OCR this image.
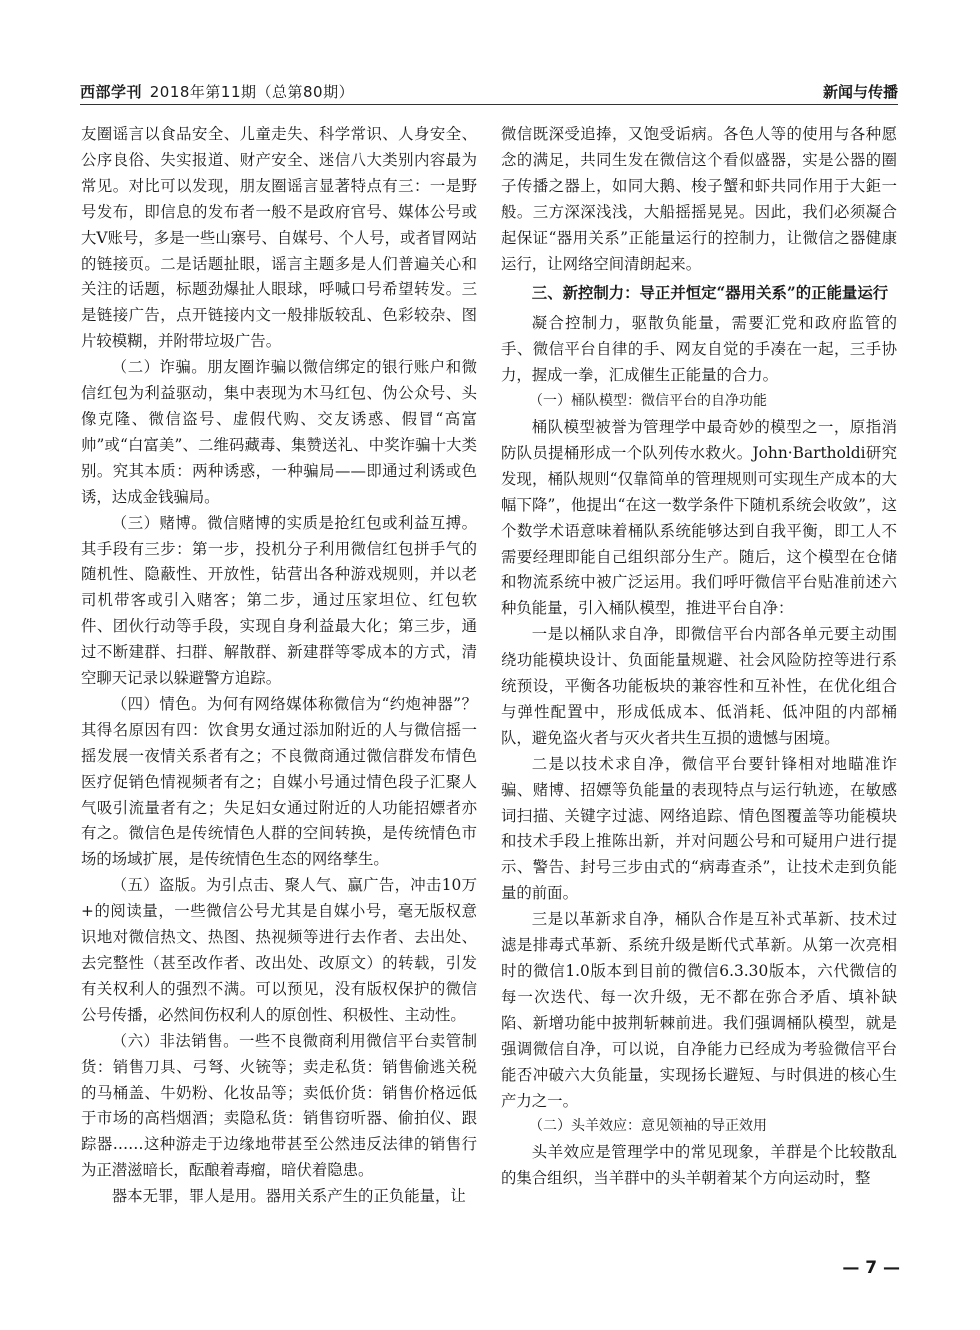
西部学刊 2018年第11期（总第80期）	新闻与传播

友圈谣言以食品安全、儿童走失、科学常识、人身安全、公序良俗、失实报道、财产安全、迷信八大类别内容最为常见。对比可以发现，朋友圈谣言显著特点有三：一是野号发布，即信息的发布者一般不是政府官号、媒体公号或大V账号，多是一些山寨号、自媒号、个人号，或者冒网站的链接页。二是话题扯眼，谣言主题多是人们普遍关心和关注的话题，标题劲爆扯人眼球，呼喊口号希望转发。三是链接广告，点开链接内文一般排版较乱、色彩较杂、图片较模糊，并附带垃圾广告。

（二）诈骗。朋友圈诈骗以微信绑定的银行账户和微信红包为利益驱动，集中表现为木马红包、伪公众号、头像克隆、微信盗号、虚假代购、交友诱惑、假冒“高富帅”或“白富美”、二维码藏毒、集赞送礼、中奖诈骗十大类别。究其本质：两种诱惑，一种骗局——即通过利诱或色诱，达成金钱骗局。

（三）赌博。微信赌博的实质是抢红包或利益互搏。其手段有三步：第一步，投机分子利用微信红包拼手气的随机性、隐蔽性、开放性，钻营出各种游戏规则，并以老司机带客或引入赌客；第二步，通过压家坦位、红包软件、团伙行动等手段，实现自身利益最大化；第三步，通过不断建群、扫群、解散群、新建群等零成本的方式，清空聊天记录以躲避警方追踪。

（四）情色。为何有网络媒体称微信为“约炮神器”？其得名原因有四：饮食男女通过添加附近的人与微信摇一摇发展一夜情关系者有之；不良微商通过微信群发布情色医疗促销色情视频者有之；自媒小号通过情色段子汇聚人气吸引流量者有之；失足妇女通过附近的人功能招嫖者亦有之。微信色是传统情色人群的空间转换，是传统情色市场的场域扩展，是传统情色生态的网络孳生。

（五）盗版。为引点击、聚人气、赢广告，冲击10万+的阅读量，一些微信公号尤其是自媒小号，毫无版权意识地对微信热文、热图、热视频等进行去作者、去出处、去完整性（甚至改作者、改出处、改原文）的转载，引发有关权利人的强烈不满。可以预见，没有版权保护的微信公号传播，必然间伤权利人的原创性、积极性、主动性。

（六）非法销售。一些不良微商利用微信平台卖管制货：销售刀具、弓弩、火铳等；卖走私货：销售偷逃关税的马桶盖、牛奶粉、化妆品等；卖低价货：销售价格远低于市场的高档烟酒；卖隐私货：销售窃听器、偷拍仪、跟踪器……这种游走于边缘地带甚至公然违反法律的销售行为正潜滋暗长，酝酿着毒瘤，暗伏着隐患。

器本无罪，罪人是用。器用关系产生的正负能量，让

微信既深受追捧，又饱受诟病。各色人等的使用与各种愿念的满足，共同生发在微信这个看似盛器，实是公器的圈子传播之器上，如同大鹅、梭子蟹和虾共同作用于大鉅一般。三方深深浅浅，大船摇摇晃晃。因此，我们必须凝合起保证“器用关系”正能量运行的控制力，让微信之器健康运行，让网络空间清朗起来。

三、新控制力：导正并恒定“器用关系”的正能量运行

凝合控制力，驱散负能量，需要汇党和政府监管的手、微信平台自律的手、网友自觉的手凑在一起，三手协力，握成一拳，汇成催生正能量的合力。

（一）桶队模型：微信平台的自净功能

桶队模型被誉为管理学中最奇妙的模型之一，原指消防队员提桶形成一个队列传水救火。John·Bartholdi研究发现，桶队规则“仅靠简单的管理规则可实现生产成本的大幅下降”，他提出“在这一数学条件下随机系统会收敛”，这个数学术语意味着桶队系统能够达到自我平衡，即工人不需要经理即能自己组织部分生产。随后，这个模型在仓储和物流系统中被广泛运用。我们呼吁微信平台贴准前述六种负能量，引入桶队模型，推进平台自净：

一是以桶队求自净，即微信平台内部各单元要主动围绕功能模块设计、负面能量规避、社会风险防控等进行系统预设，平衡各功能板块的兼容性和互补性，在优化组合与弹性配置中，形成低成本、低消耗、低冲阻的内部桶队，避免盗火者与灭火者共生互损的遗憾与困境。

二是以技术求自净，微信平台要针锋相对地瞄准诈骗、赌博、招嫖等负能量的表现特点与运行轨迹，在敏感词扫描、关键字过滤、网络追踪、情色图覆盖等功能模块和技术手段上推陈出新，并对问题公号和可疑用户进行提示、警告、封号三步由式的“病毒查杀”，让技术走到负能量的前面。

三是以革新求自净，桶队合作是互补式革新、技术过滤是排毒式革新、系统升级是断代式革新。从第一次亮相时的微信1.0版本到目前的微信6.3.30版本，六代微信的每一次迭代、每一次升级，无不都在弥合矛盾、填补缺陷、新增功能中披荆斩棘前进。我们强调桶队模型，就是强调微信自净，可以说，自净能力已经成为考验微信平台能否冲破六大负能量，实现扬长避短、与时俱进的核心生产力之一。

（二）头羊效应：意见领袖的导正效用

头羊效应是管理学中的常见现象，羊群是个比较散乱的集合组织，当羊群中的头羊朝着某个方向运动时，整

— 7 —
